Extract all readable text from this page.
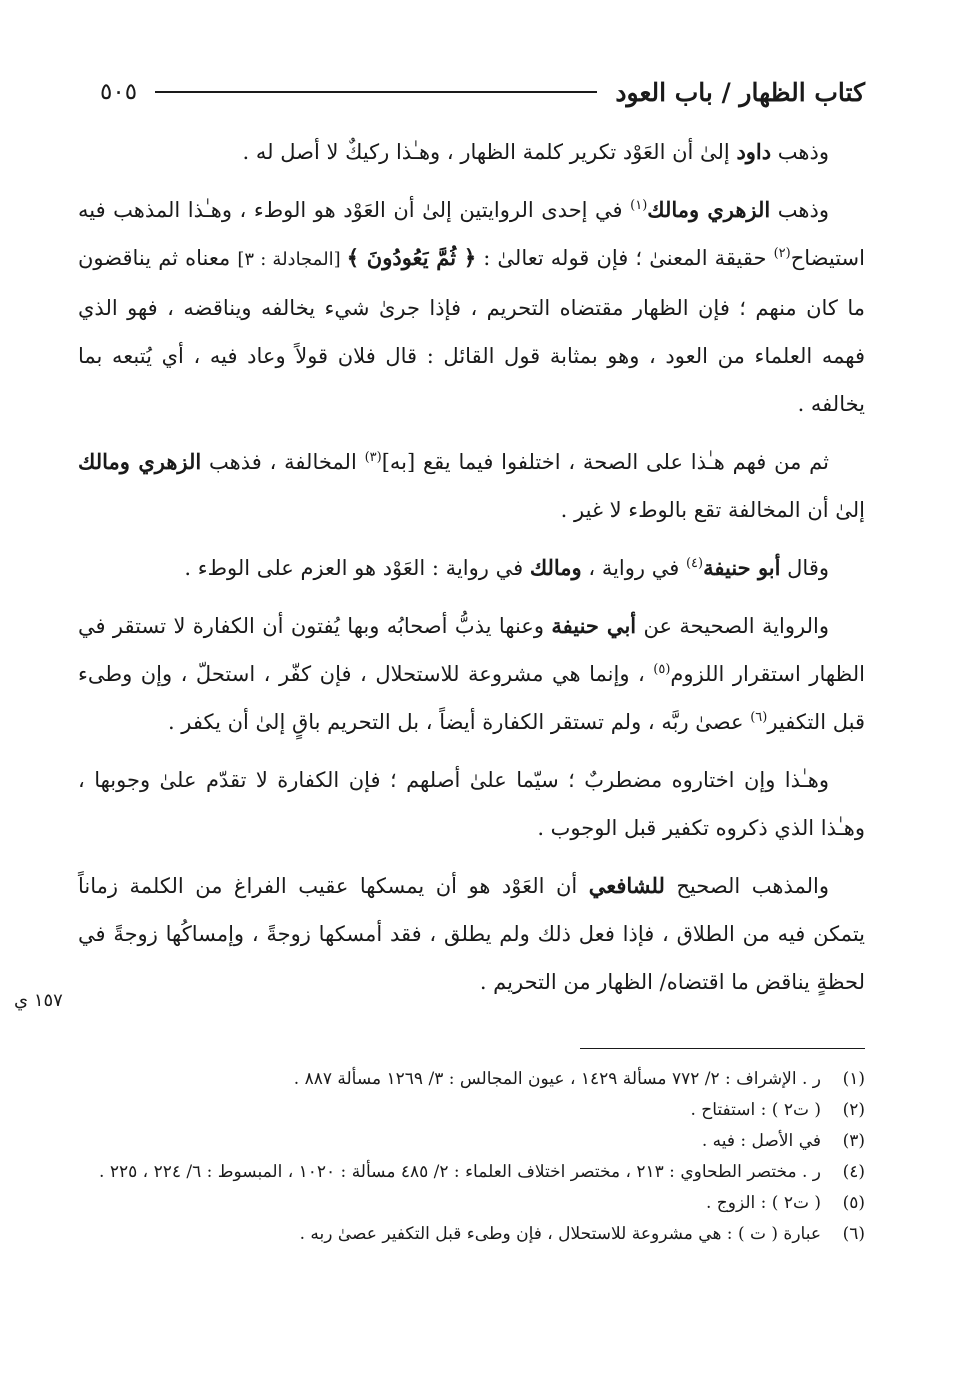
كتاب الظهار / باب العود
٥٠٥

وذهب داود إلىٰ أن العَوْد تكرير كلمة الظهار ، وهـٰذا ركيكٌ لا أصل له .

وذهب الزهري ومالك$^{(١)}$ في إحدى الروايتين إلىٰ أن العَوْد هو الوطء ، وهـٰذا المذهب فيه استيضاح$^{(٢)}$ حقيقة المعنىٰ ؛ فإن قوله تعالىٰ : ﴿ ثُمَّ يَعُودُونَ ﴾ [المجادلة : ٣] معناه ثم يناقضون ما كان منهم ؛ فإن الظهار مقتضاه التحريم ، فإذا جرىٰ شيء يخالفه ويناقضه ، فهو الذي فهمه العلماء من العود ، وهو بمثابة قول القائل : قال فلان قولاً وعاد فيه ، أي يُتبعه بما يخالفه .

ثم من فهم هـٰذا على الصحة ، اختلفوا فيما يقع [به]$^{(٣)}$ المخالفة ، فذهب الزهري ومالك إلىٰ أن المخالفة تقع بالوطء لا غير .

وقال أبو حنيفة$^{(٤)}$ في رواية ، ومالك في رواية : العَوْد هو العزم على الوطء .

والرواية الصحيحة عن أبي حنيفة وعنها يذبُّ أصحابُه وبها يُفتون أن الكفارة لا تستقر في الظهار استقرار اللزوم$^{(٥)}$ ، وإنما هي مشروعة للاستحلال ، فإن كفّر ، استحلّ ، وإن وطىء قبل التكفير$^{(٦)}$ عصىٰ ربَّه ، ولم تستقر الكفارة أيضاً ، بل التحريم باقٍ إلىٰ أن يكفر .

وهـٰذا وإن اختاروه مضطربٌ ؛ سيّما علىٰ أصلهم ؛ فإن الكفارة لا تقدّم علىٰ وجوبها ، وهـٰذا الذي ذكروه تكفير قبل الوجوب .

والمذهب الصحيح للشافعي أن العَوْد هو أن يمسكها عقيب الفراغ من الكلمة زماناً يتمكن فيه من الطلاق ، فإذا فعل ذلك ولم يطلق ، فقد أمسكها زوجةً ، وإمساكُها زوجةً في لحظةٍ يناقض ما اقتضاه/ الظهار من التحريم .

١٥٧ ي
(١)
ر . الإشراف : ٢/ ٧٧٢ مسألة ١٤٢٩ ، عيون المجالس : ٣/ ١٢٦٩ مسألة ٨٨٧ .
(٢)
( ت٢ ) : استفتاح .
(٣)
في الأصل : فيه .
(٤)
ر . مختصر الطحاوي : ٢١٣ ، مختصر اختلاف العلماء : ٢/ ٤٨٥ مسألة : ١٠٢٠ ، المبسوط : ٦/ ٢٢٤ ، ٢٢٥ .
(٥)
( ت٢ ) : الزوج .
(٦)
عبارة ( ت ) : هي مشروعة للاستحلال ، فإن وطىء قبل التكفير عصىٰ ربه .
